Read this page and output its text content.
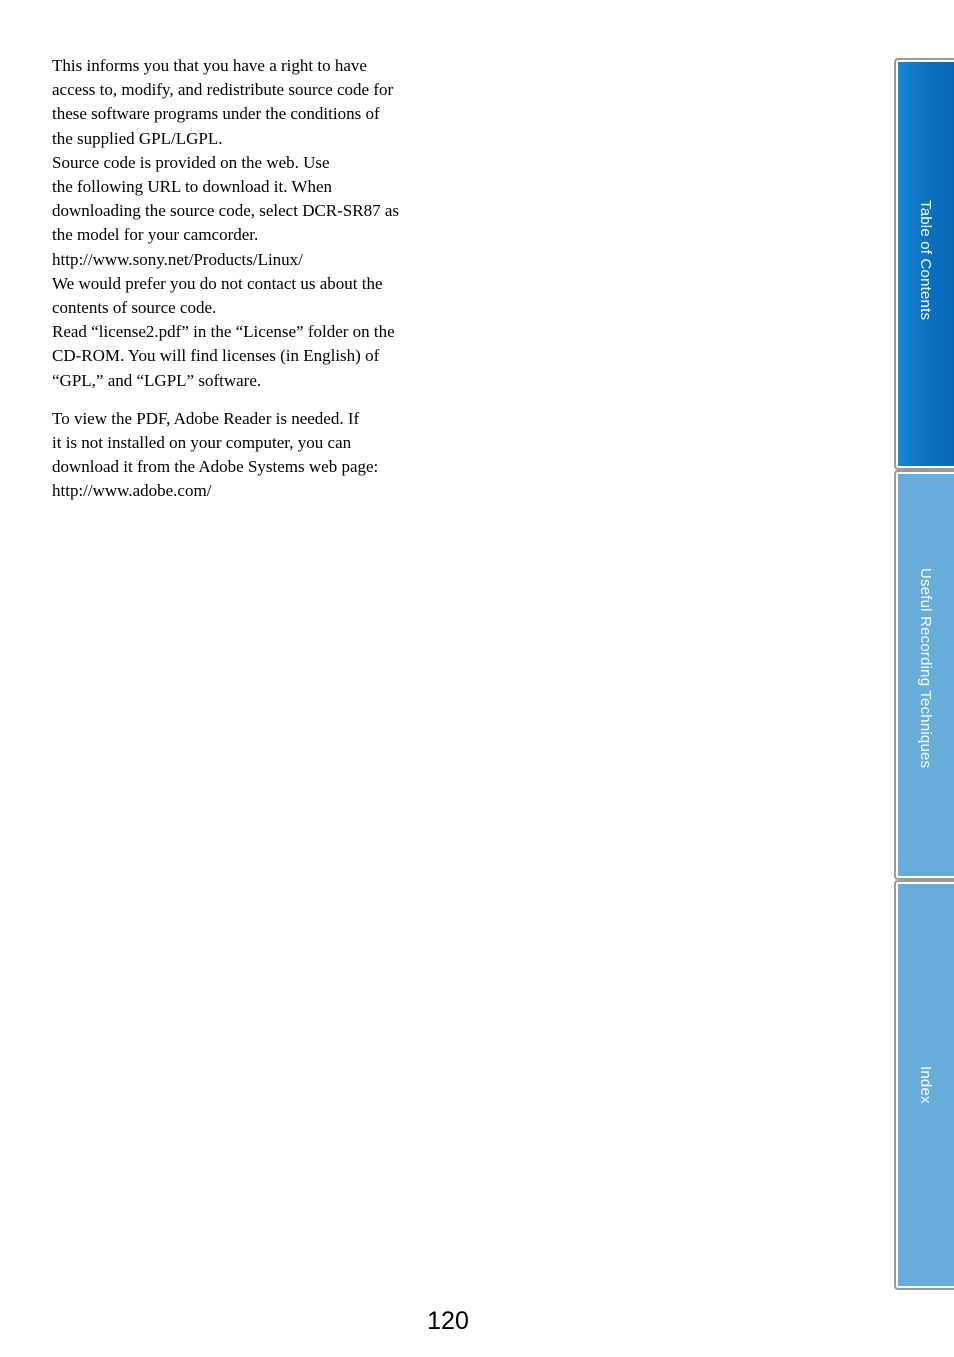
This informs you that you have a right to have
access to, modify, and redistribute source code for
these software programs under the conditions of
the supplied GPL/LGPL.
Source code is provided on the web. Use
the following URL to download it. When
downloading the source code, select DCR-SR87 as
the model for your camcorder.
http://www.sony.net/Products/Linux/
We would prefer you do not contact us about the
contents of source code.
Read “license2.pdf” in the “License” folder on the
CD-ROM. You will find licenses (in English) of
“GPL,” and “LGPL” software.

To view the PDF, Adobe Reader is needed. If
it is not installed on your computer, you can
download it from the Adobe Systems web page:
http://www.adobe.com/

Table of Contents
Useful Recording Techniques
Index
120
